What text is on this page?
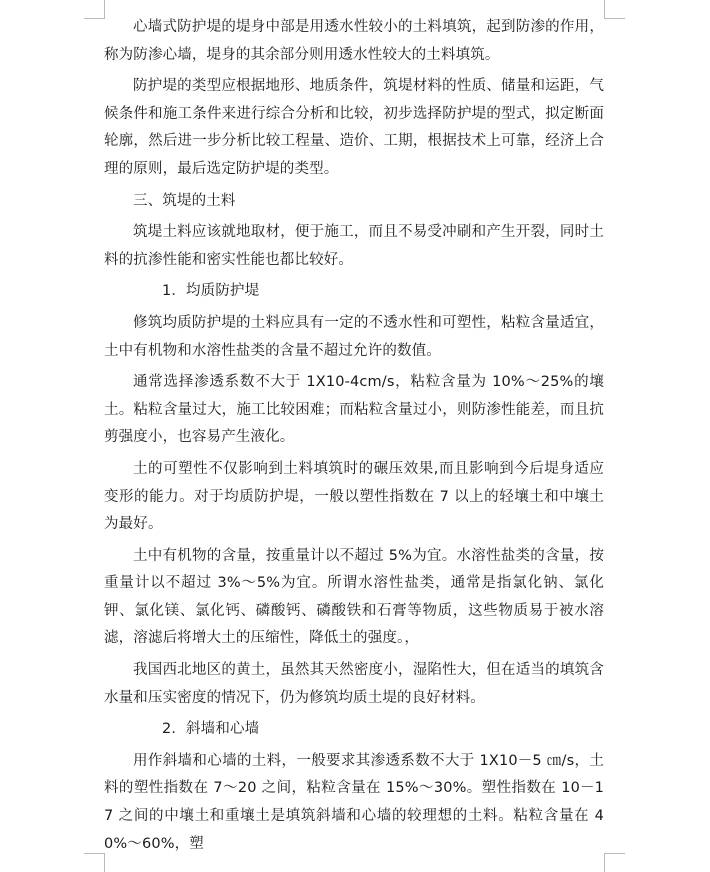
心墙式防护堤的堤身中部是用透水性较小的土料填筑，起到防渗的作用，称为防渗心墙，堤身的其余部分则用透水性较大的土料填筑。

防护堤的类型应根据地形、地质条件，筑堤材料的性质、储量和运距，气候条件和施工条件来进行综合分析和比较，初步选择防护堤的型式，拟定断面轮廓，然后进一步分析比较工程量、造价、工期，根据技术上可靠，经济上合理的原则，最后选定防护堤的类型。

三、筑堤的土料

筑堤土料应该就地取材，便于施工，而且不易受冲刷和产生开裂，同时土料的抗渗性能和密实性能也都比较好。

1．均质防护堤

修筑均质防护堤的土料应具有一定的不透水性和可塑性，粘粒含量适宜，土中有机物和水溶性盐类的含量不超过允许的数值。

通常选择渗透系数不大于 1X10-4cm/s，粘粒含量为 10%～25%的壤土。粘粒含量过大，施工比较困难；而粘粒含量过小，则防渗性能差，而且抗剪强度小，也容易产生液化。

土的可塑性不仅影响到土料填筑时的碾压效果,而且影响到今后堤身适应变形的能力。对于均质防护堤，一般以塑性指数在 7 以上的轻壤土和中壤土为最好。

土中有机物的含量，按重量计以不超过 5%为宜。水溶性盐类的含量，按重量计以不超过 3%～5%为宜。所谓水溶性盐类，通常是指氯化钠、氯化钾、氯化镁、氯化钙、磷酸钙、磷酸铁和石膏等物质，这些物质易于被水溶滤，溶滤后将增大土的压缩性，降低土的强度。，

我国西北地区的黄土，虽然其天然密度小，湿陷性大，但在适当的填筑含水量和压实密度的情况下，仍为修筑均质土堤的良好材料。

2．斜墙和心墙

用作斜墙和心墙的土料，一般要求其渗透系数不大于 1X10－5 ㎝/s，土料的塑性指数在 7～20 之间，粘粒含量在 15%～30%。塑性指数在 10－17 之间的中壤土和重壤土是填筑斜墙和心墙的较理想的土料。粘粒含量在 40%～60%，塑
